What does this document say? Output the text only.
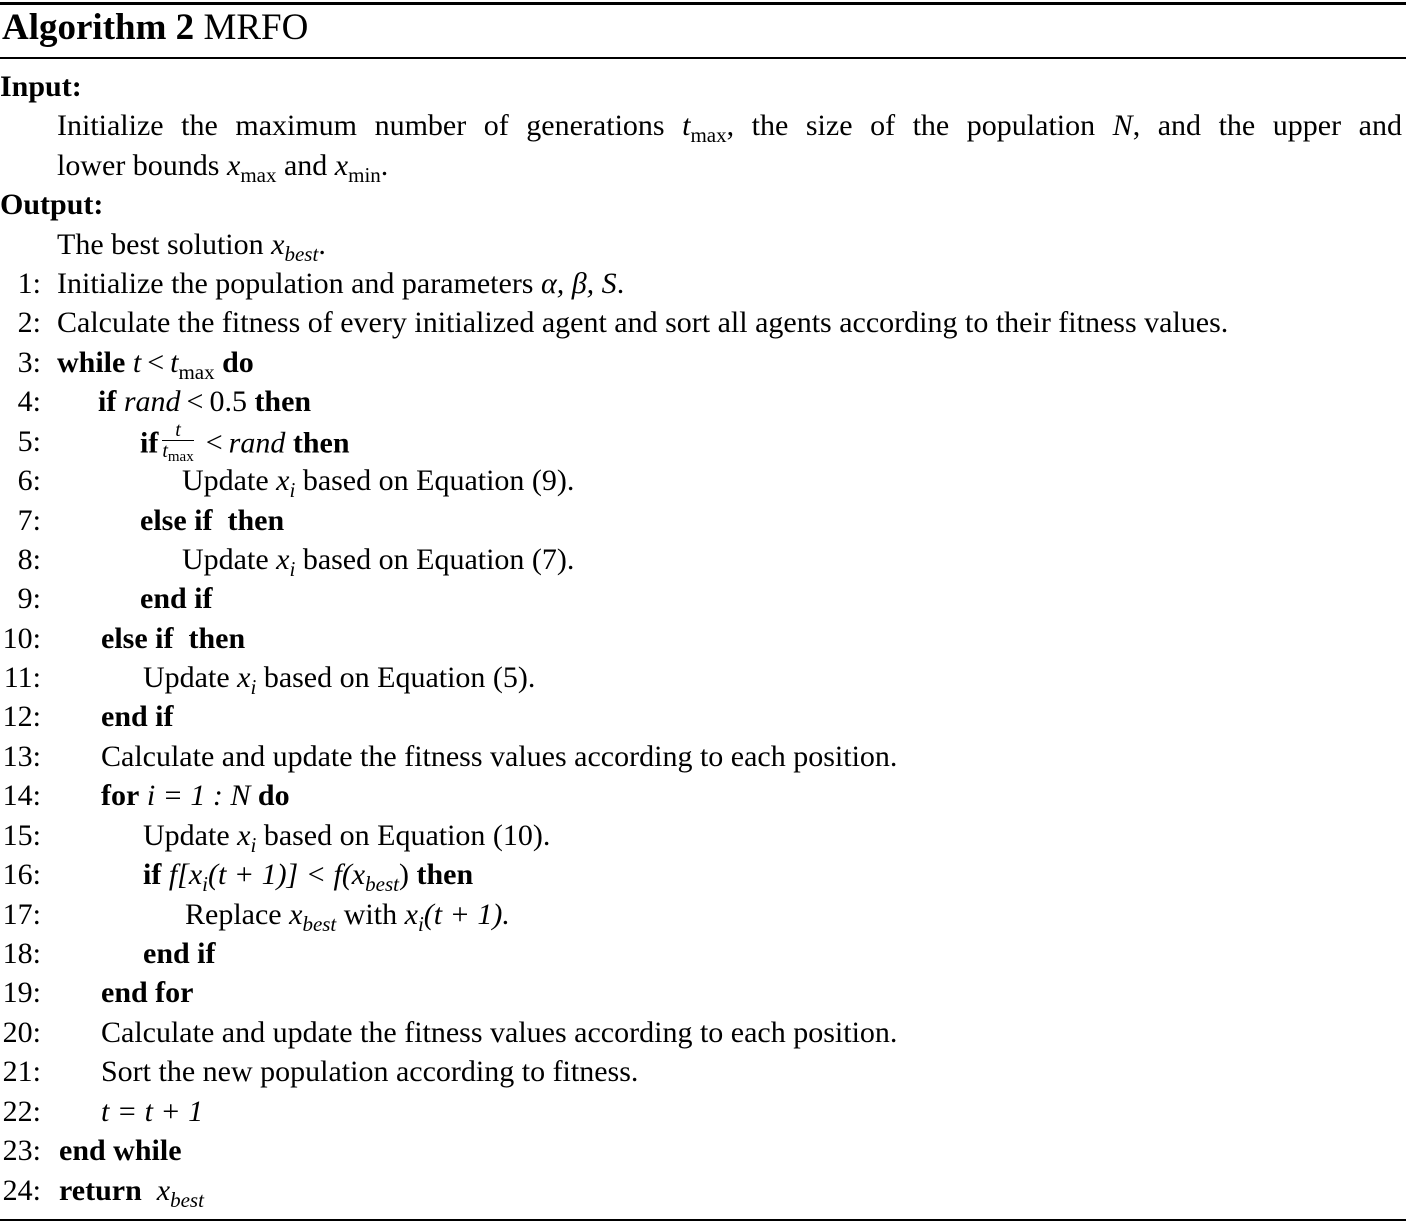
Algorithm 2 MRFO
Input:
Initialize the maximum number of generations $t_{max}$, the size of the population N, and the upper and
lower bounds $x_{max}$ and $x_{min}$.
Output:
The best solution $x_{best}$.
1: Initialize the population and parameters α, β, S.
2: Calculate the fitness of every initialized agent and sort all agents according to their fitness values.
3: while $t < t_{max}$ do
4: if rand < 0.5 then
5:	if $\frac{t}{t_{max}}$ < rand then
6:	Update $x_i$ based on Equation (9).
7:	else if then
8:	Update $x_i$ based on Equation (7).
9:	end if
10: else if then
11:	Update $x_i$ based on Equation (5).
12: end if
13: Calculate and update the fitness values according to each position.
14: for i = 1 : N do
15:	Update $x_i$ based on Equation (10).
16:	if $f[x_i(t + 1)] < f(x_{best})$ then
17:	Replace $x_{best}$ with $x_i(t + 1)$.
18:	end if
19: end for
20: Calculate and update the fitness values according to each position.
21: Sort the new population according to fitness.
22: t = t + 1
23: end while
24: return $x_{best}$
